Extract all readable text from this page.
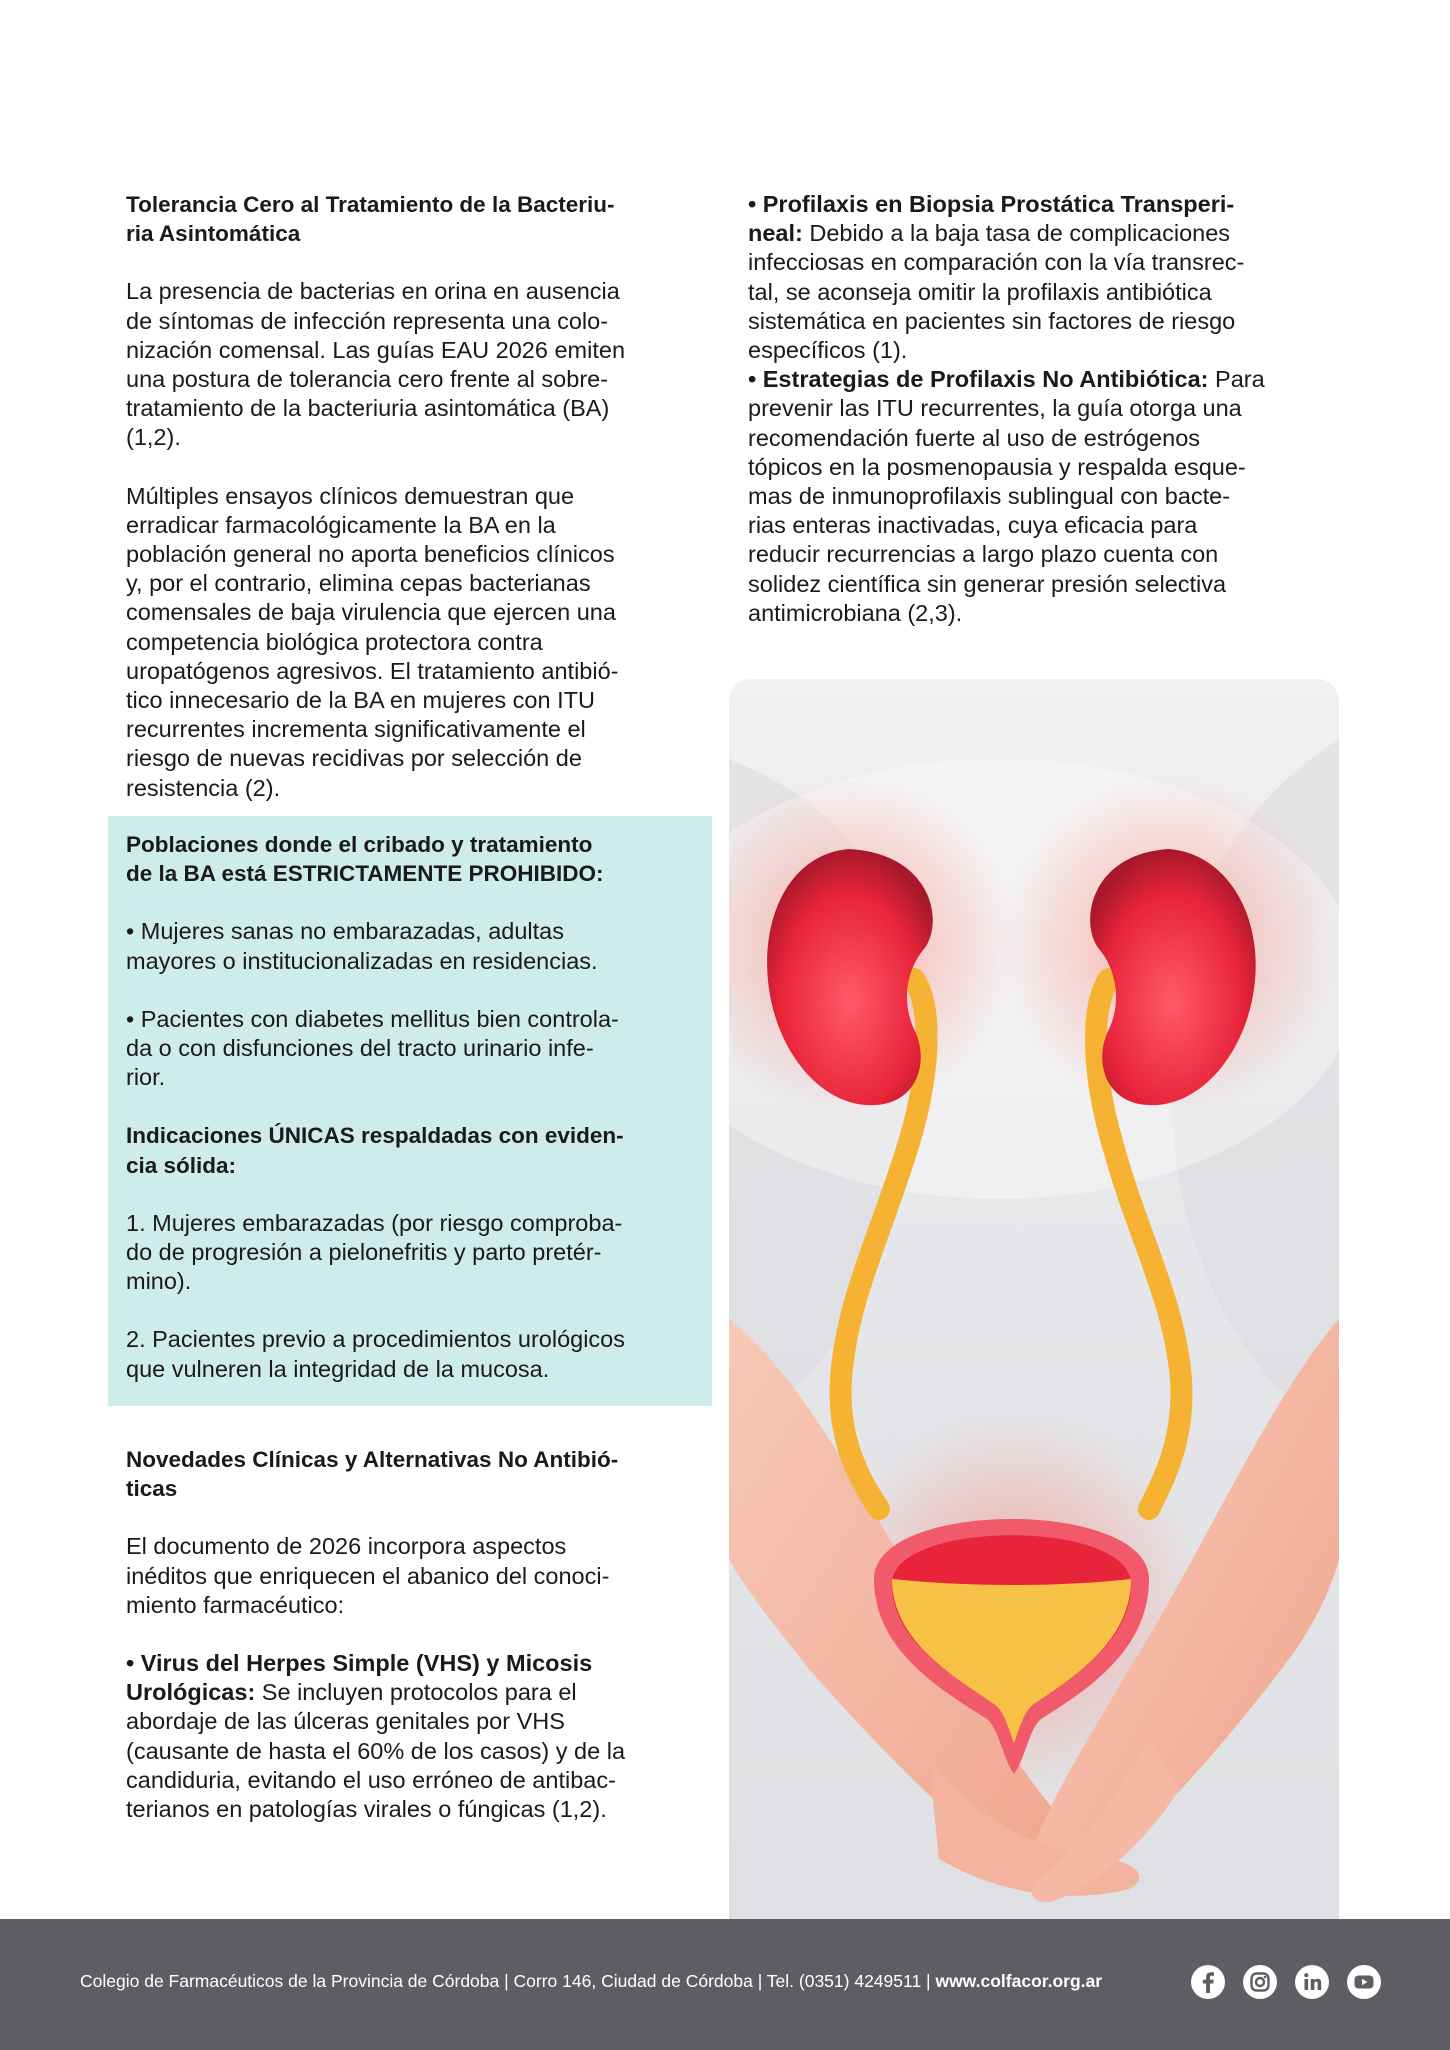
Tolerancia Cero al Tratamiento de la Bacteriu-
ria Asintomática

La presencia de bacterias en orina en ausencia
de síntomas de infección representa una colo-
nización comensal. Las guías EAU 2026 emiten
una postura de tolerancia cero frente al sobre-
tratamiento de la bacteriuria asintomática (BA)
(1,2).

Múltiples ensayos clínicos demuestran que
erradicar farmacológicamente la BA en la
población general no aporta beneficios clínicos
y, por el contrario, elimina cepas bacterianas
comensales de baja virulencia que ejercen una
competencia biológica protectora contra
uropatógenos agresivos. El tratamiento antibió-
tico innecesario de la BA en mujeres con ITU
recurrentes incrementa significativamente el
riesgo de nuevas recidivas por selección de
resistencia (2).

Poblaciones donde el cribado y tratamiento
de la BA está ESTRICTAMENTE PROHIBIDO:

• Mujeres sanas no embarazadas, adultas
mayores o institucionalizadas en residencias.

• Pacientes con diabetes mellitus bien controla-
da o con disfunciones del tracto urinario infe-
rior.

Indicaciones ÚNICAS respaldadas con eviden-
cia sólida:

1. Mujeres embarazadas (por riesgo comproba-
do de progresión a pielonefritis y parto pretér-
mino).

2. Pacientes previo a procedimientos urológicos
que vulneren la integridad de la mucosa.

Novedades Clínicas y Alternativas No Antibió-
ticas

El documento de 2026 incorpora aspectos
inéditos que enriquecen el abanico del conoci-
miento farmacéutico:

• Virus del Herpes Simple (VHS) y Micosis
Urológicas: Se incluyen protocolos para el
abordaje de las úlceras genitales por VHS
(causante de hasta el 60% de los casos) y de la
candiduria, evitando el uso erróneo de antibac-
terianos en patologías virales o fúngicas (1,2).

• Profilaxis en Biopsia Prostática Transperi-
neal: Debido a la baja tasa de complicaciones
infecciosas en comparación con la vía transrec-
tal, se aconseja omitir la profilaxis antibiótica
sistemática en pacientes sin factores de riesgo
específicos (1).

• Estrategias de Profilaxis No Antibiótica: Para
prevenir las ITU recurrentes, la guía otorga una
recomendación fuerte al uso de estrógenos
tópicos en la posmenopausia y respalda esque-
mas de inmunoprofilaxis sublingual con bacte-
rias enteras inactivadas, cuya eficacia para
reducir recurrencias a largo plazo cuenta con
solidez científica sin generar presión selectiva
antimicrobiana (2,3).

Colegio de Farmacéuticos de la Provincia de Córdoba | Corro 146, Ciudad de Córdoba | Tel. (0351) 4249511 | www.colfacor.org.ar
